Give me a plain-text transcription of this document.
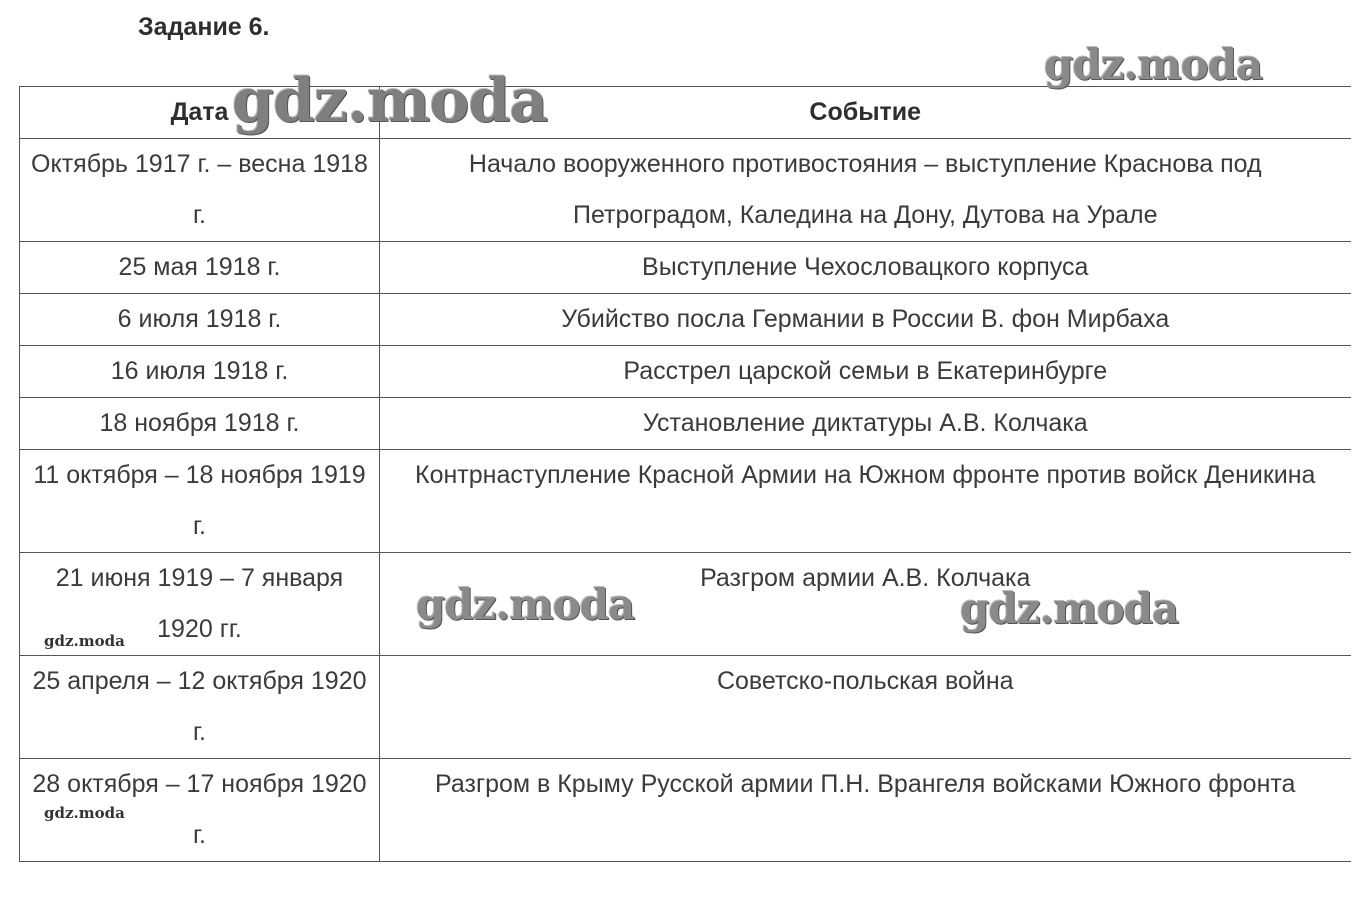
Задание 6.
Дата	Событие
Октябрь 1917 г. – весна 1918 г.	Начало вооруженного противостояния – выступление Краснова под Петроградом, Каледина на Дону, Дутова на Урале
25 мая 1918 г.	Выступление Чехословацкого корпуса
6 июля 1918 г.	Убийство посла Германии в России В. фон Мирбаха
16 июля 1918 г.	Расстрел царской семьи в Екатеринбурге
18 ноября 1918 г.	Установление диктатуры А.В. Колчака
11 октября – 18 ноября 1919 г.	Контрнаступление Красной Армии на Южном фронте против войск Деникина
21 июня 1919 – 7 января 1920 гг.	Разгром армии А.В. Колчака
25 апреля – 12 октября 1920 г.	Советско-польская война
28 октября – 17 ноября 1920 г.	Разгром в Крыму Русской армии П.Н. Врангеля войсками Южного фронта
gdz.moda
gdz.moda
gdz.moda	gdz.moda
gdz.moda
gdz.moda
